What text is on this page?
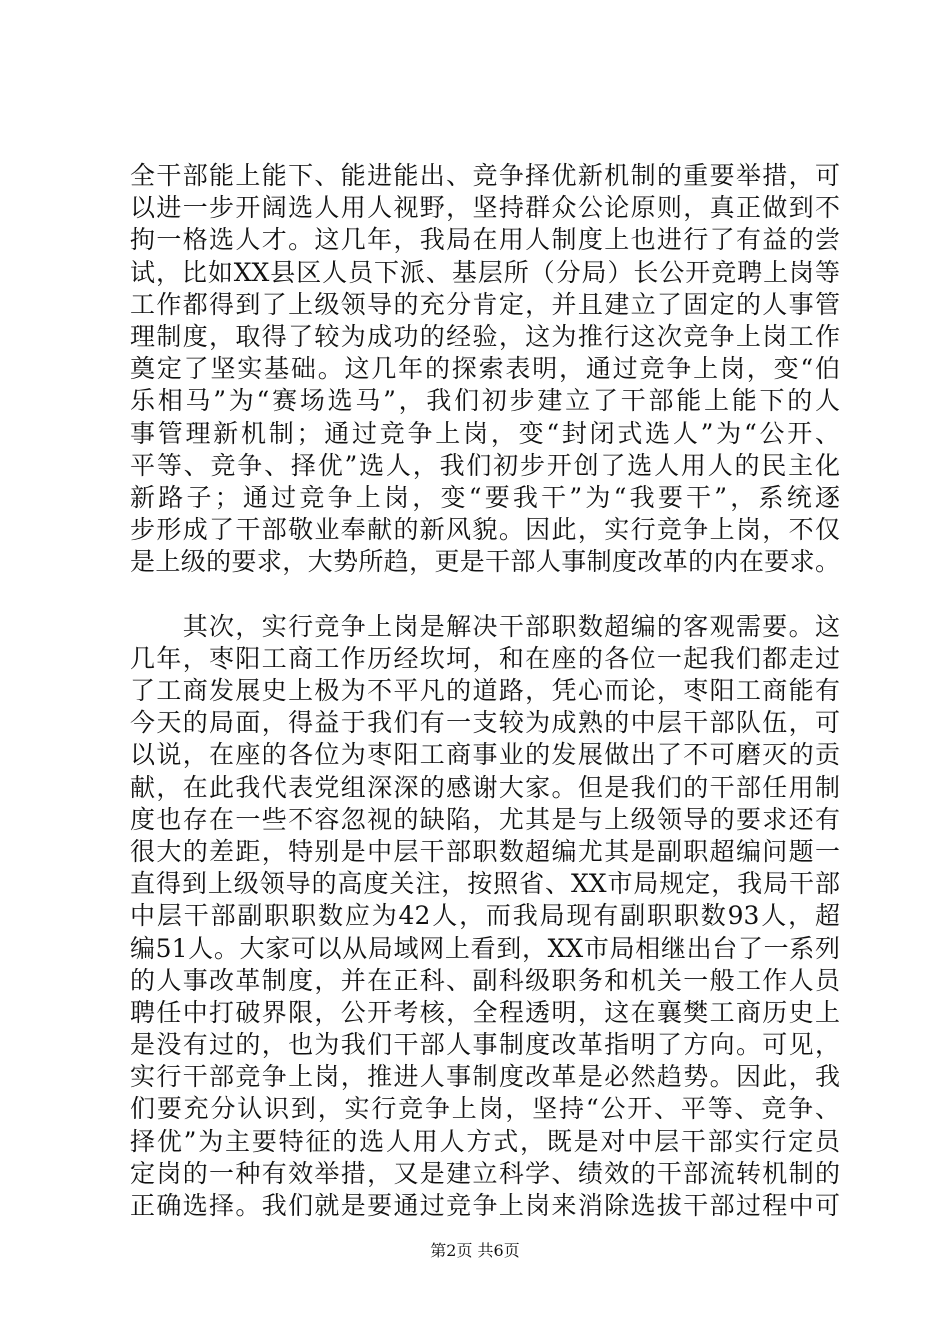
全干部能上能下、能进能出、竞争择优新机制的重要举措，可
以进一步开阔选人用人视野，坚持群众公论原则，真正做到不
拘一格选人才。这几年，我局在用人制度上也进行了有益的尝
试，比如XX县区人员下派、基层所（分局）长公开竞聘上岗等
工作都得到了上级领导的充分肯定，并且建立了固定的人事管
理制度，取得了较为成功的经验，这为推行这次竞争上岗工作
奠定了坚实基础。这几年的探索表明，通过竞争上岗，变“伯
乐相马”为“赛场选马”，我们初步建立了干部能上能下的人
事管理新机制；通过竞争上岗，变“封闭式选人”为“公开、
平等、竞争、择优”选人，我们初步开创了选人用人的民主化
新路子；通过竞争上岗，变“要我干”为“我要干”，系统逐
步形成了干部敬业奉献的新风貌。因此，实行竞争上岗，不仅
是上级的要求，大势所趋，更是干部人事制度改革的内在要求。
　　其次，实行竞争上岗是解决干部职数超编的客观需要。这
几年，枣阳工商工作历经坎坷，和在座的各位一起我们都走过
了工商发展史上极为不平凡的道路，凭心而论，枣阳工商能有
今天的局面，得益于我们有一支较为成熟的中层干部队伍，可
以说，在座的各位为枣阳工商事业的发展做出了不可磨灭的贡
献，在此我代表党组深深的感谢大家。但是我们的干部任用制
度也存在一些不容忽视的缺陷，尤其是与上级领导的要求还有
很大的差距，特别是中层干部职数超编尤其是副职超编问题一
直得到上级领导的高度关注，按照省、XX市局规定，我局干部
中层干部副职职数应为42人，而我局现有副职职数93人，超
编51人。大家可以从局域网上看到，XX市局相继出台了一系列
的人事改革制度，并在正科、副科级职务和机关一般工作人员
聘任中打破界限，公开考核，全程透明，这在襄樊工商历史上
是没有过的，也为我们干部人事制度改革指明了方向。可见，
实行干部竞争上岗，推进人事制度改革是必然趋势。因此，我
们要充分认识到，实行竞争上岗，坚持“公开、平等、竞争、
择优”为主要特征的选人用人方式，既是对中层干部实行定员
定岗的一种有效举措，又是建立科学、绩效的干部流转机制的
正确选择。我们就是要通过竞争上岗来消除选拔干部过程中可
第2页 共6页
